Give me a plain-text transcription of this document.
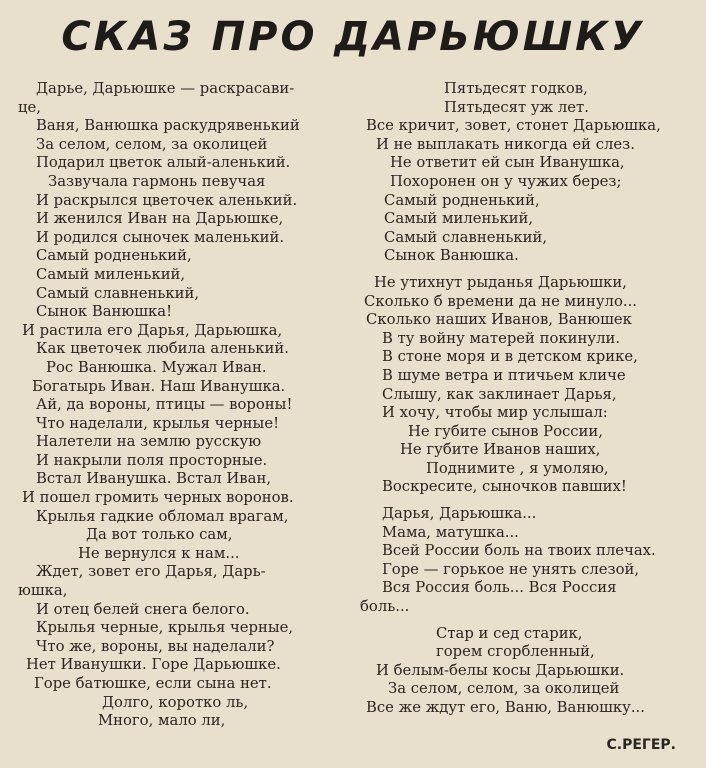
СКАЗ ПРО ДАРЬЮШКУ
Дарье, Дарьюшке — раскрасави-
це,
Ваня, Ванюшка раскудрявенький
За селом, селом, за околицей
Подарил цветок алый-аленький.
Зазвучала гармонь певучая
И раскрылся цветочек аленький.
И женился Иван на Дарьюшке,
И родился сыночек маленький.
Самый родненький,
Самый миленький,
Самый славненький,
Сынок Ванюшка!
И растила его Дарья, Дарьюшка,
Как цветочек любила аленький.
Рос Ванюшка. Мужал Иван.
Богатырь Иван. Наш Иванушка.
Ай, да вороны, птицы — вороны!
Что наделали, крылья черные!
Налетели на землю русскую
И накрыли поля просторные.
Встал Иванушка. Встал Иван,
И пошел громить черных воронов.
Крылья гадкие обломал врагам,
Да вот только сам,
Не вернулся к нам...
Ждет, зовет его Дарья, Дарь-
юшка,
И отец белей снега белого.
Крылья черные, крылья черные,
Что же, вороны, вы наделали?
Нет Иванушки. Горе Дарьюшке.
Горе батюшке, если сына нет.
Долго, коротко ль,
Много, мало ли,
Пятьдесят годков,
Пятьдесят уж лет.
Все кричит, зовет, стонет Дарьюшка,
И не выплакать никогда ей слез.
Не ответит ей сын Иванушка,
Похоронен он у чужих берез;
Самый родненький,
Самый миленький,
Самый славненький,
Сынок Ванюшка.
Не утихнут рыданья Дарьюшки,
Сколько б времени да не минуло...
Сколько наших Иванов, Ванюшек
В ту войну матерей покинули.
В стоне моря и в детском крике,
В шуме ветра и птичьем кличе
Слышу, как заклинает Дарья,
И хочу, чтобы мир услышал:
Не губите сынов России,
Не губите Иванов наших,
Поднимите , я умоляю,
Воскресите, сыночков павших!
Дарья, Дарьюшка...
Мама, матушка...
Всей России боль на твоих плечах.
Горе — горькое не унять слезой,
Вся Россия боль... Вся Россия
боль...
Стар и сед старик,
горем сгорбленный,
И белым-белы косы Дарьюшки.
За селом, селом, за околицей
Все же ждут его, Ваню, Ванюшку...
С.РЕГЕР.
